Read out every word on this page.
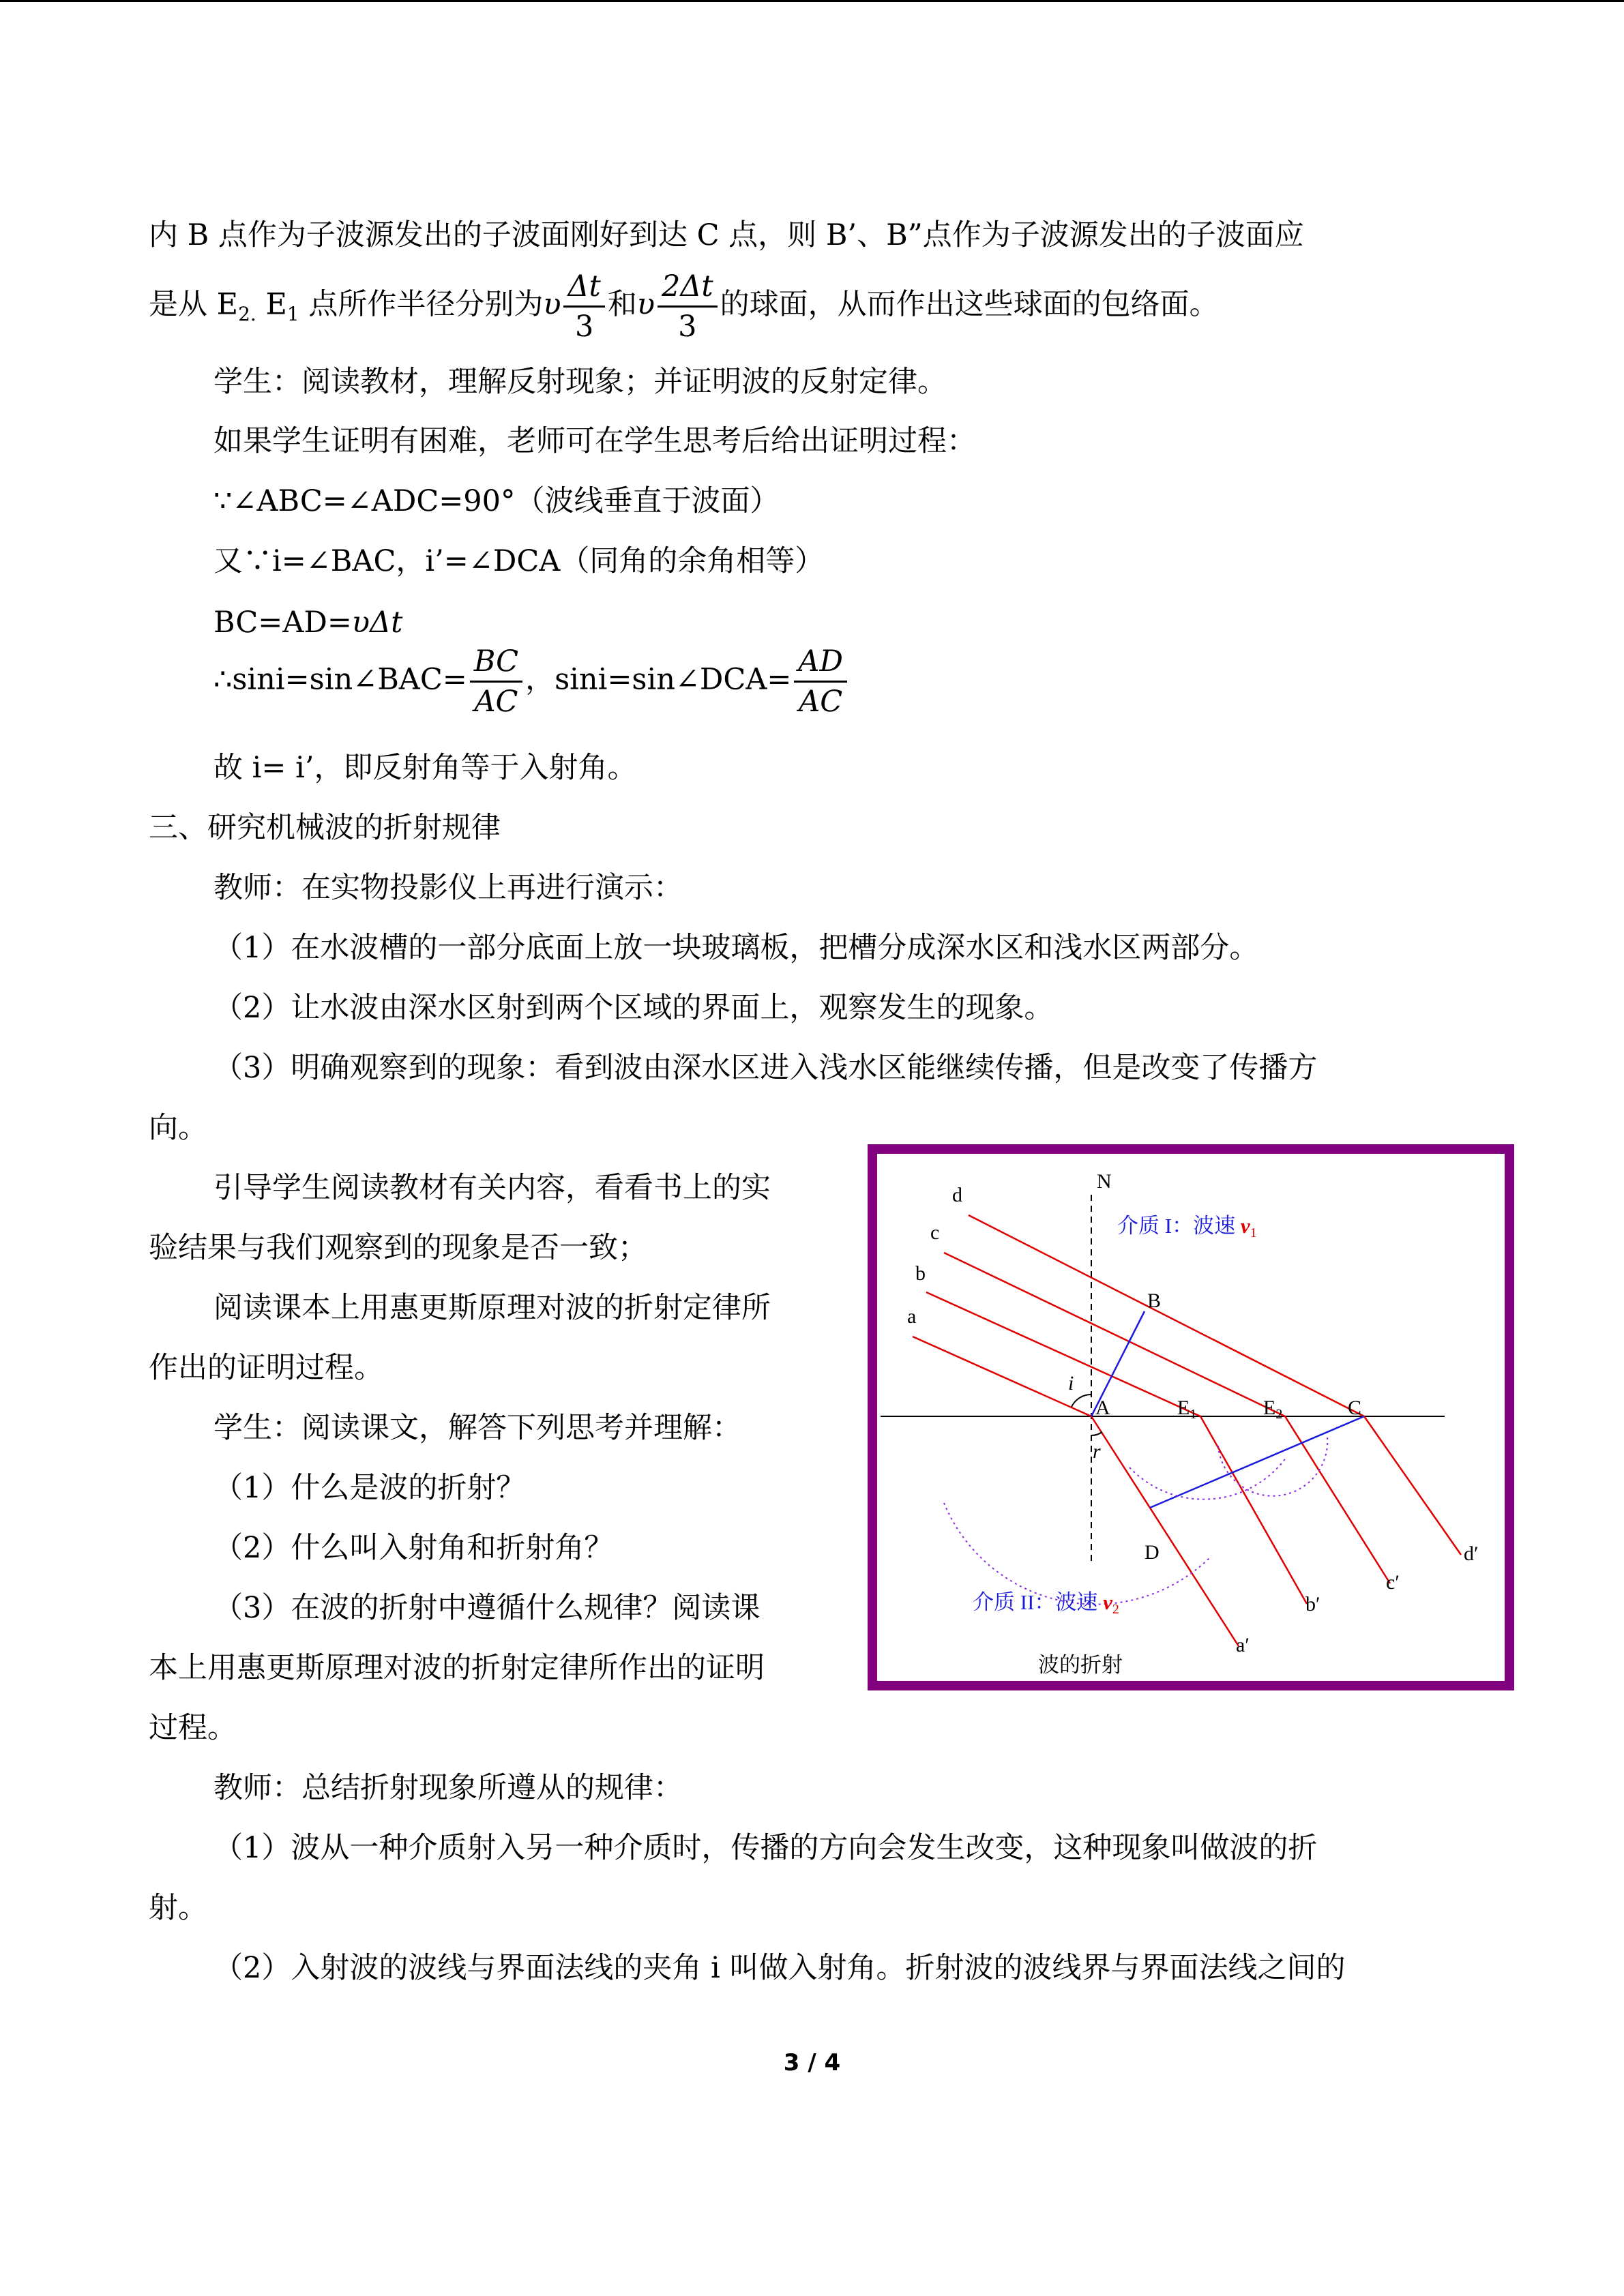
内 B 点作为子波源发出的子波面刚好到达 C 点，则 B’、B”点作为子波源发出的子波面应
是从 $E_{2.}$ $E_1$ 点所作半径分别为υ $\frac{\Delta t}{3}$ 和υ $\frac{2\Delta t}{3}$ 的球面，从而作出这些球面的包络面。
学生：阅读教材，理解反射现象；并证明波的反射定律。
如果学生证明有困难，老师可在学生思考后给出证明过程：
∵∠ABC=∠ADC=90°（波线垂直于波面）
又∵i=∠BAC，i’=∠DCA（同角的余角相等）
BC=AD=υΔt
∴sini=sin∠BAC= $\frac{BC}{AC}$ ，sini=sin∠DCA= $\frac{AD}{AC}$
故 i= i’，即反射角等于入射角。
三、研究机械波的折射规律
教师：在实物投影仪上再进行演示：
（1）在水波槽的一部分底面上放一块玻璃板，把槽分成深水区和浅水区两部分。
（2）让水波由深水区射到两个区域的界面上，观察发生的现象。
（3）明确观察到的现象：看到波由深水区进入浅水区能继续传播，但是改变了传播方
向。
引导学生阅读教材有关内容，看看书上的实
验结果与我们观察到的现象是否一致；
阅读课本上用惠更斯原理对波的折射定律所
作出的证明过程。
学生：阅读课文，解答下列思考并理解：
（1）什么是波的折射？
（2）什么叫入射角和折射角？
（3）在波的折射中遵循什么规律？阅读课
本上用惠更斯原理对波的折射定律所作出的证明
过程。
教师：总结折射现象所遵从的规律：
（1）波从一种介质射入另一种介质时，传播的方向会发生改变，这种现象叫做波的折
射。
（2）入射波的波线与界面法线的夹角 i 叫做入射角。折射波的波线界与界面法线之间的
N
d
c
b
a
B
A	$E_1$	$E_2$	C
D
i
r
a′
b′
c′
d′
介质 I：波速 v1
介质 II：波速 v2
波的折射
3 / 4
